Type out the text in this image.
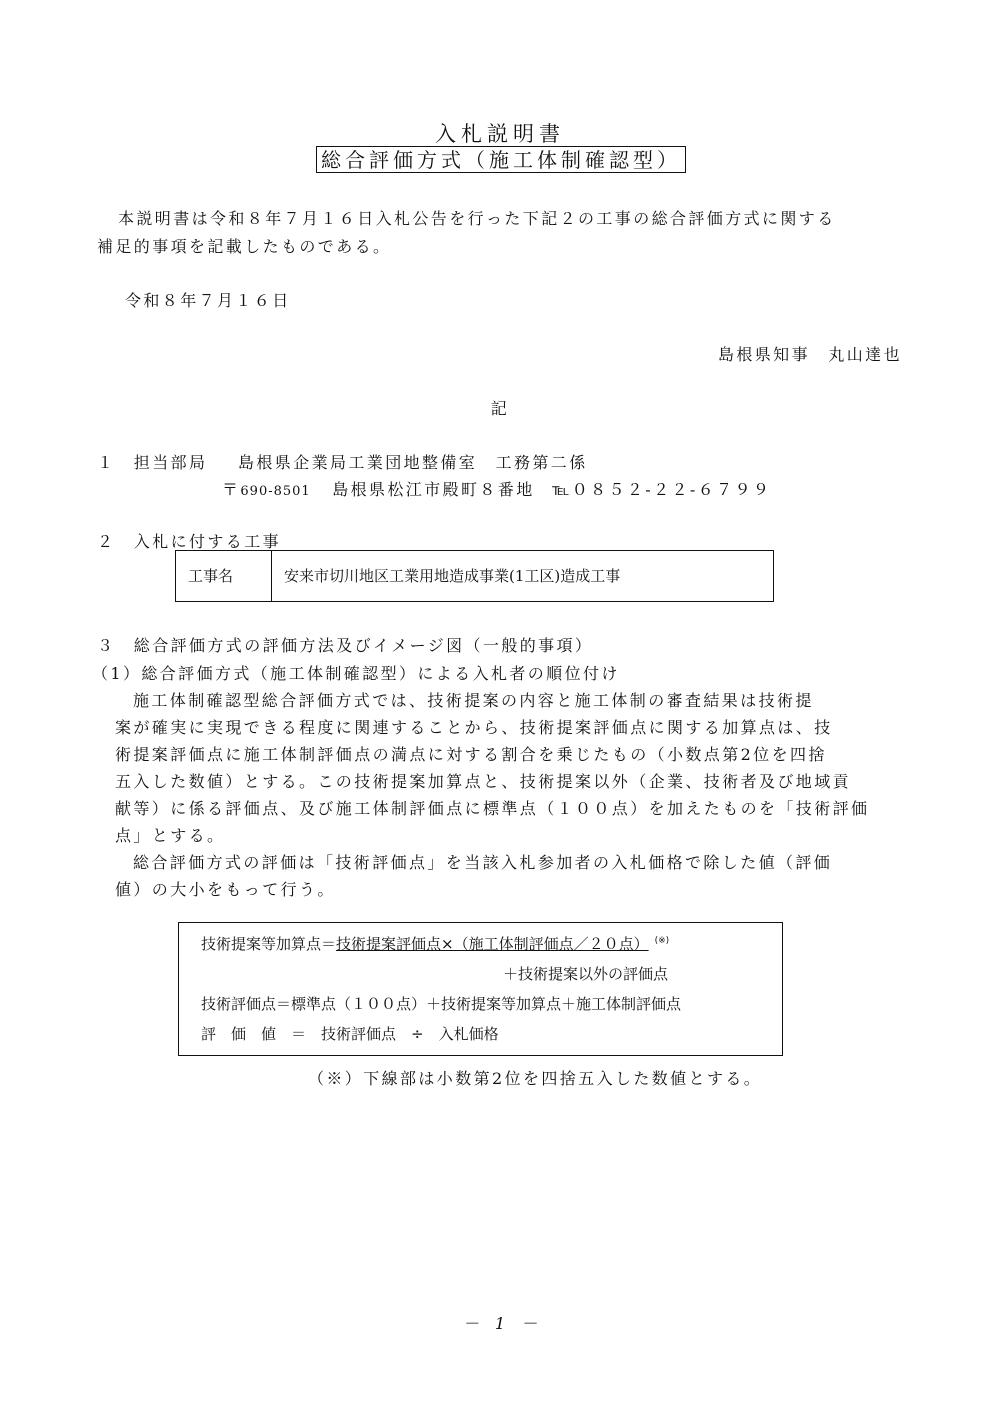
入札説明書
総合評価方式（施工体制確認型）
本説明書は令和８年７月１６日入札公告を行った下記２の工事の総合評価方式に関する
補足的事項を記載したものである。
令和８年７月１６日
島根県知事　丸山達也
記
１　担当部局 島根県企業局工業団地整備室　工務第二係
〒690-8501 島根県松江市殿町８番地 ℡０８５２-２２-６７９９
２　入札に付する工事
工事名	安来市切川地区工業用地造成事業(1工区)造成工事
３　総合評価方式の評価方法及びイメージ図（一般的事項）
（1）総合評価方式（施工体制確認型）による入札者の順位付け
施工体制確認型総合評価方式では、技術提案の内容と施工体制の審査結果は技術提
案が確実に実現できる程度に関連することから、技術提案評価点に関する加算点は、技
術提案評価点に施工体制評価点の満点に対する割合を乗じたもの（小数点第2位を四捨
五入した数値）とする。この技術提案加算点と、技術提案以外（企業、技術者及び地域貢
献等）に係る評価点、及び施工体制評価点に標準点（１００点）を加えたものを「技術評価
点」とする。
総合評価方式の評価は「技術評価点」を当該入札参加者の入札価格で除した値（評価
値）の大小をもって行う。
技術提案等加算点＝技術提案評価点×（施工体制評価点／２０点） (※)
＋技術提案以外の評価点
技術評価点＝標準点（１００点）＋技術提案等加算点＋施工体制評価点
評　価　値　＝　技術評価点　÷　入札価格
（※）下線部は小数第2位を四捨五入した数値とする。
－　1　－
